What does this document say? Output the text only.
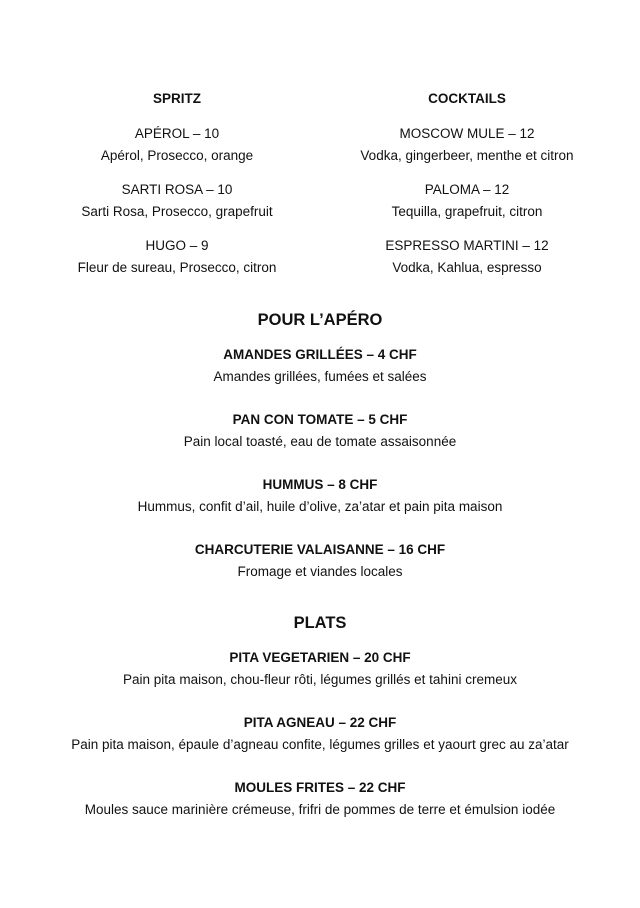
SPRITZ
APÉROL – 10
Apérol, Prosecco, orange
SARTI ROSA – 10
Sarti Rosa, Prosecco, grapefruit
HUGO – 9
Fleur de sureau, Prosecco, citron
COCKTAILS
MOSCOW MULE – 12
Vodka, gingerbeer, menthe et citron
PALOMA – 12
Tequilla, grapefruit, citron
ESPRESSO MARTINI – 12
Vodka, Kahlua, espresso
POUR L’APÉRO
AMANDES GRILLÉES – 4 CHF
Amandes grillées, fumées et salées
PAN CON TOMATE – 5 CHF
Pain local toasté, eau de tomate assaisonnée
HUMMUS – 8 CHF
Hummus, confit d’ail, huile d’olive, za’atar et pain pita maison
CHARCUTERIE VALAISANNE – 16 CHF
Fromage et viandes locales
PLATS
PITA VEGETARIEN – 20 CHF
Pain pita maison, chou-fleur rôti, légumes grillés et tahini cremeux
PITA AGNEAU – 22 CHF
Pain pita maison, épaule d’agneau confite, légumes grilles et yaourt grec au za’atar
MOULES FRITES – 22 CHF
Moules sauce marinière crémeuse, frifri de pommes de terre et émulsion iodée
